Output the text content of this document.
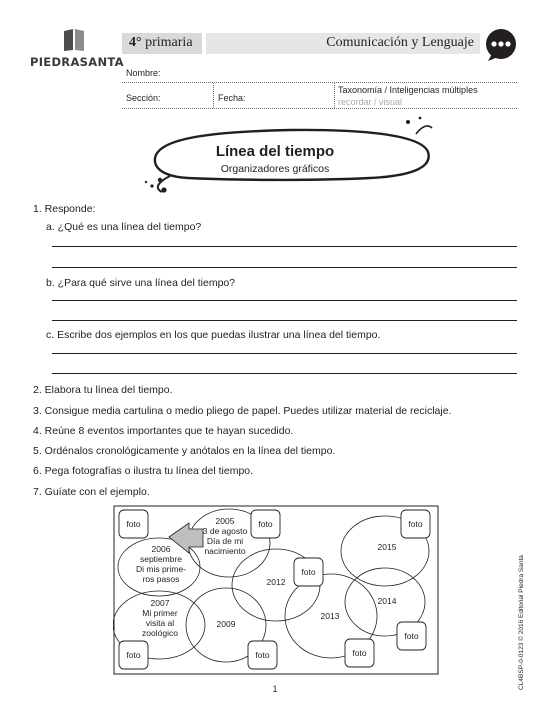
PIEDRASANTA
4° primaria	Comunicación y Lenguaje
Nombre:
Sección:	Fecha:
Taxonomía / Inteligencias múltiples
recordar / visual
Línea del tiempo
Organizadores gráficos
1. Responde:
a. ¿Qué es una línea del tiempo?
b. ¿Para qué sirve una línea del tiempo?
c. Escribe dos ejemplos en los que puedas ilustrar una línea del tiempo.
2. Elabora tu línea del tiempo.
3. Consigue media cartulina o medio pliego de papel. Puedes utilizar material de reciclaje.
4. Reúne 8 eventos importantes que te hayan sucedido.
5. Ordénalos cronológicamente y anótalos en la línea del tiempo.
6. Pega fotografías o ilustra tu línea del tiempo.
7. Guíate con el ejemplo.
foto	foto	foto
foto
foto
foto	foto	foto
2005
3 de agosto
Día de mi
nacimiento
2006
septiembre
Di mis prime-
ros pasos
2007
Mi primer
visita al
zoológico
2009
2012
2013
2014
2015
1	CL4BSP-0-0123 © 2016 Editorial Piedra Santa
